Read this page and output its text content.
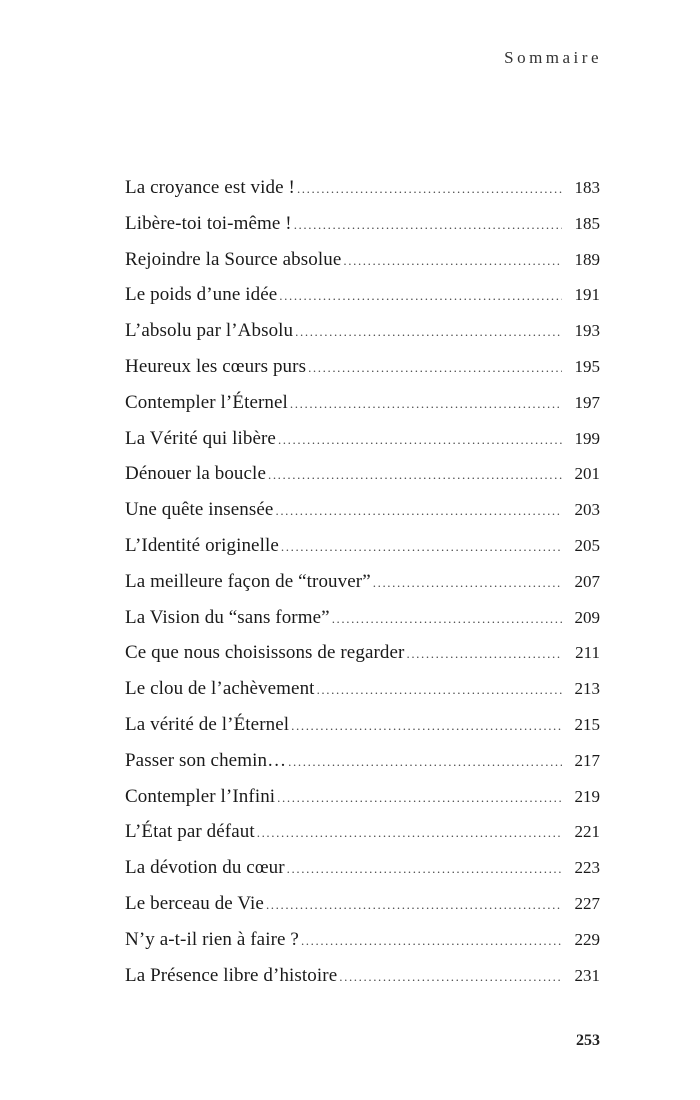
Sommaire
La croyance est vide ! .....	183
Libère-toi toi-même ! .....	185
Rejoindre la Source absolue .....	189
Le poids d’une idée .....	191
L’absolu par l’Absolu .....	193
Heureux les cœurs purs .....	195
Contempler l’Éternel .....	197
La Vérité qui libère .....	199
Dénouer la boucle .....	201
Une quête insensée .....	203
L’Identité originelle .....	205
La meilleure façon de “trouver” .....	207
La Vision du “sans forme” .....	209
Ce que nous choisissons de regarder .....	211
Le clou de l’achèvement .....	213
La vérité de l’Éternel .....	215
Passer son chemin… .....	217
Contempler l’Infini .....	219
L’État par défaut .....	221
La dévotion du cœur .....	223
Le berceau de Vie .....	227
N’y a-t-il rien à faire ? .....	229
La Présence libre d’histoire .....	231
253
